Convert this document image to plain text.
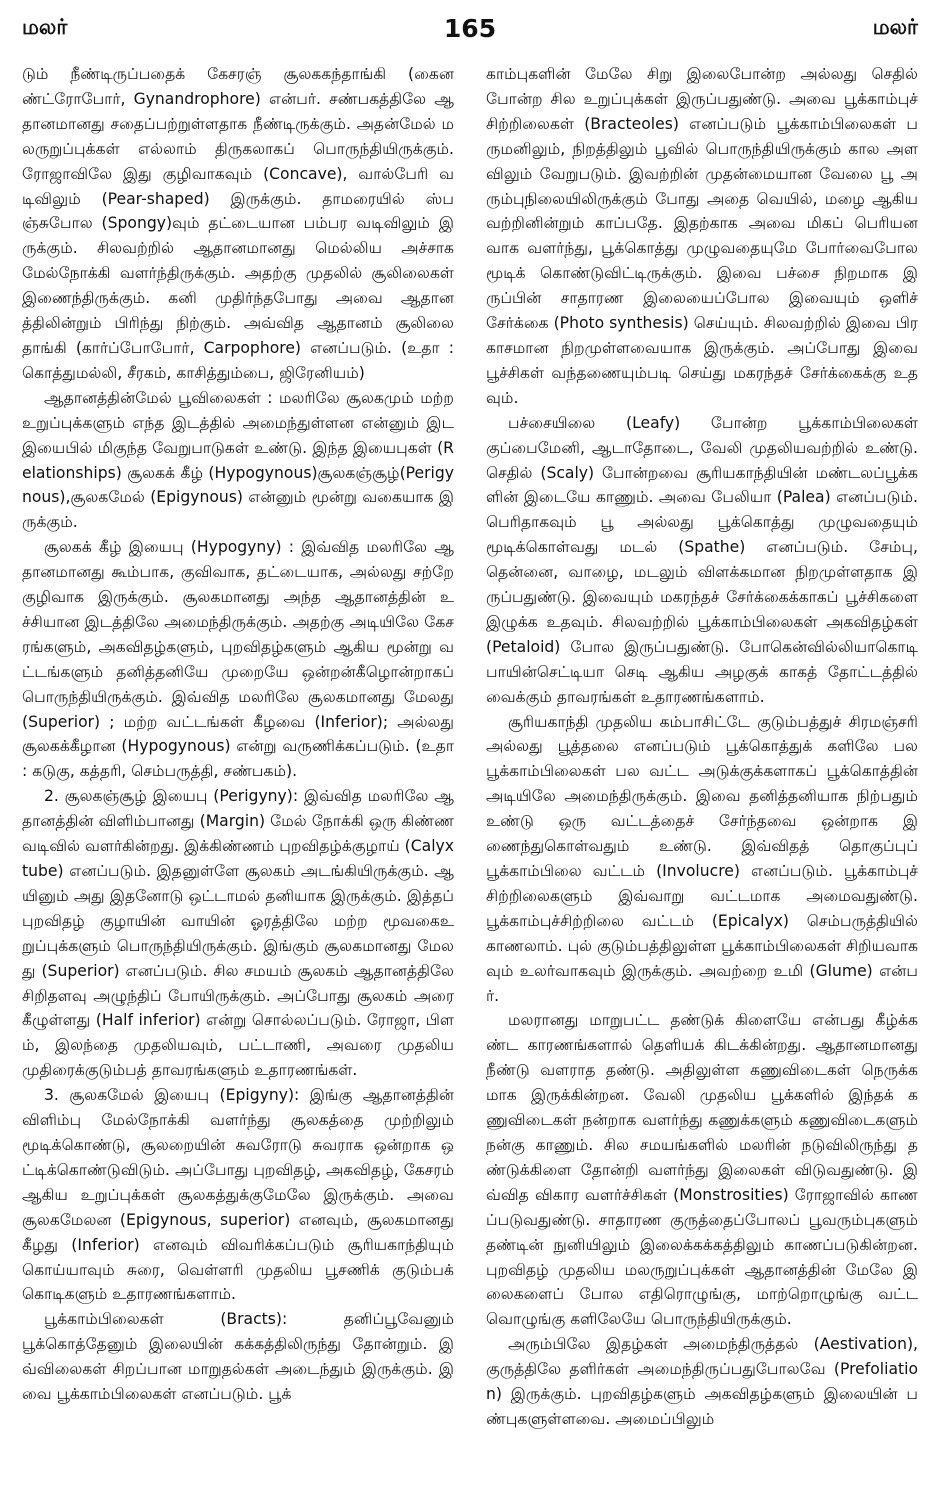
மலர்	165	மலர்

டும் நீண்டிருப்பதைக் கேசரஞ் சூலககந்தாங்கி (கைனண்ட்ரோபோர், Gynandrophore) என்பர். சண்பகத்திலே ஆதானமானது சதைப்பற்றுள்ளதாக நீண்டிருக்கும். அதன்மேல் மலருறுப்புக்கள் எல்லாம் திருகலாகப் பொருந்தியிருக்கும். ரோஜாவிலே இது குழிவாகவும் (Concave), வால்பேரி வடிவிலும் (Pear-shaped) இருக்கும். தாமரையில் ஸ்பஞ்சுபோல (Spongy)வும் தட்டையான பம்பர வடிவிலும் இருக்கும். சிலவற்றில் ஆதானமானது மெல்லிய அச்சாக மேல்நோக்கி வளர்ந்திருக்கும். அதற்கு முதலில் சூலிலைகள் இணைந்திருக்கும். கனி முதிர்ந்தபோது அவை ஆதானத்திலின்றும் பிரிந்து நிற்கும். அவ்வித ஆதானம் சூலிலை தாங்கி (கார்ப்போபோர், Carpophore) எனப்படும். (உதா : கொத்துமல்லி, சீரகம், காசித்தும்பை, ஜிரேனியம்)

ஆதானத்தின்மேல் பூவிலைகள் : மலரிலே சூலகமும் மற்ற உறுப்புக்களும் எந்த இடத்தில் அமைந்துள்ளன என்னும் இட இயைபில் மிகுந்த வேறுபாடுகள் உண்டு. இந்த இயைபுகள் (Relationships) சூலகக் கீழ் (Hypogynous)சூலகஞ்சூழ்(Perigynous),சூலகமேல் (Epigynous) என்னும் மூன்று வகையாக இருக்கும்.

சூலகக் கீழ் இயைபு (Hypogyny) : இவ்வித மலரிலே ஆதானமானது கூம்பாக, குவிவாக, தட்டையாக, அல்லது சற்றே குழிவாக இருக்கும். சூலகமானது அந்த ஆதானத்தின் உச்சியான இடத்திலே அமைந்திருக்கும். அதற்கு அடியிலே கேசரங்களும், அகவிதழ்களும், புறவிதழ்களும் ஆகிய மூன்று வட்டங்களும் தனித்தனியே முறையே ஒன்றன்கீழொன்றாகப் பொருந்தியிருக்கும். இவ்வித மலரிலே சூலகமானது மேலது (Superior) ; மற்ற வட்டங்கள் கீழவை (Inferior); அல்லது சூலகக்கீழான (Hypogynous) என்று வருணிக்கப்படும். (உதா : கடுகு, கத்தரி, செம்பருத்தி, சண்பகம்).

2. சூலகஞ்சூழ் இயைபு (Perigyny): இவ்வித மலரிலே ஆதானத்தின் விளிம்பானது (Margin) மேல் நோக்கி ஒரு கிண்ண வடிவில் வளர்கின்றது. இக்கிண்ணம் புறவிதழ்க்குழாய் (Calyx tube) எனப்படும். இதனுள்ளே சூலகம் அடங்கியிருக்கும். ஆயினும் அது இதனோடு ஒட்டாமல் தனியாக இருக்கும். இத்தப் புறவிதழ் குழாயின் வாயின் ஓரத்திலே மற்ற மூவகைஉறுப்புக்களும் பொருந்தியிருக்கும். இங்கும் சூலகமானது மேலது (Superior) எனப்படும். சில சமயம் சூலகம் ஆதானத்திலே சிறிதளவு அழுந்திப் போயிருக்கும். அப்போது சூலகம் அரை கீழுள்ளது (Half inferior) என்று சொல்லப்படும். ரோஜா, பிளம், இலந்தை முதலியவும், பட்டாணி, அவரை முதலிய முதிரைக்குடும்பத் தாவரங்களும் உதாரணங்கள்.

3. சூலகமேல் இயைபு (Epigyny): இங்கு ஆதானத்தின் விளிம்பு மேல்நோக்கி வளர்ந்து சூலகத்தை முற்றிலும் மூடிக்கொண்டு, சூலறையின் சுவரோடு சுவராக ஒன்றாக ஒட்டிக்கொண்டுவிடும். அப்போது புறவிதழ், அகவிதழ், கேசரம் ஆகிய உறுப்புக்கள் சூலகத்துக்குமேலே இருக்கும். அவை சூலகமேலன (Epigynous, superior) எனவும், சூலகமானது கீழது (Inferior) எனவும் விவரிக்கப்படும் சூரியகாந்தியும் கொய்யாவும் சுரை, வெள்ளரி முதலிய பூசணிக் குடும்பக் கொடிகளும் உதாரணங்களாம்.

பூக்காம்பிலைகள் (Bracts): தனிப்பூவேனும் பூக்கொத்தேனும் இலையின் கக்கத்திலிருந்து தோன்றும். இவ்விலைகள் சிறப்பான மாறுதல்கள் அடைந்தும் இருக்கும். இவை பூக்காம்பிலைகள் எனப்படும். பூக்

காம்புகளின் மேலே சிறு இலைபோன்ற அல்லது செதில் போன்ற சில உறுப்புக்கள் இருப்பதுண்டு. அவை பூக்காம்புச் சிற்றிலைகள் (Bracteoles) எனப்படும் பூக்காம்பிலைகள் பருமனிலும், நிறத்திலும் பூவில் பொருந்தியிருக்கும் கால அளவிலும் வேறுபடும். இவற்றின் முதன்மையான வேலை பூ அரும்புநிலையிலிருக்கும் போது அதை வெயில், மழை ஆகியவற்றினின்றும் காப்பதே. இதற்காக அவை மிகப் பெரியனவாக வளர்ந்து, பூக்கொத்து முழுவதையுமே போர்வைபோல மூடிக் கொண்டுவிட்டிருக்கும். இவை பச்சை நிறமாக இருப்பின் சாதாரண இலையைப்போல இவையும் ஒளிச் சேர்க்கை (Photo synthesis) செய்யும். சிலவற்றில் இவை பிரகாசமான நிறமுள்ளவையாக இருக்கும். அப்போது இவை பூச்சிகள் வந்தணையும்படி செய்து மகரந்தச் சேர்க்கைக்கு உதவும்.

பச்சையிலை (Leafy) போன்ற பூக்காம்பிலைகள் குப்பைமேனி, ஆடாதோடை, வேலி முதலியவற்றில் உண்டு. செதில் (Scaly) போன்றவை சூரியகாந்தியின் மண்டலப்பூக்களின் இடையே காணும். அவை பேலியா (Palea) எனப்படும். பெரிதாகவும் பூ அல்லது பூக்கொத்து முழுவதையும் மூடிக்கொள்வது மடல் (Spathe) எனப்படும். சேம்பு, தென்னை, வாழை, மடலும் விளக்கமான நிறமுள்ளதாக இருப்பதுண்டு. இவையும் மகரந்தச் சேர்க்கைக்காகப் பூச்சிகளை இழுக்க உதவும். சிலவற்றில் பூக்காம்பிலைகள் அகவிதழ்கள் (Petaloid) போல இருப்பதுண்டு. போகென்வில்லியாகொடி பாயின்செட்டியா செடி ஆகிய அழகுக் காகத் தோட்டத்தில் வைக்கும் தாவரங்கள் உதாரணங்களாம்.

சூரியகாந்தி முதலிய கம்பாசிட்டே குடும்பத்துச் சிரமஞ்சரி அல்லது பூத்தலை எனப்படும் பூக்கொத்துக் களிலே பல பூக்காம்பிலைகள் பல வட்ட அடுக்குக்களாகப் பூக்கொத்தின் அடியிலே அமைந்திருக்கும். இவை தனித்தனியாக நிற்பதும் உண்டு ஒரு வட்டத்தைச் சேர்ந்தவை ஒன்றாக இணைந்துகொள்வதும் உண்டு. இவ்விதத் தொகுப்புப் பூக்காம்பிலை வட்டம் (Involucre) எனப்படும். பூக்காம்புச் சிற்றிலைகளும் இவ்வாறு வட்டமாக அமைவதுண்டு. பூக்காம்புச்சிற்றிலை வட்டம் (Epicalyx) செம்பருத்தியில் காணலாம். புல் குடும்பத்திலுள்ள பூக்காம்பிலைகள் சிறியவாகவும் உலர்வாகவும் இருக்கும். அவற்றை உமி (Glume) என்பர்.

மலரானது மாறுபட்ட தண்டுக் கிளையே என்பது கீழ்க்கண்ட காரணங்களால் தெளியக் கிடக்கின்றது. ஆதானமானது நீண்டு வளராத தண்டு. அதிலுள்ள கணுவிடைகள் நெருக்கமாக இருக்கின்றன. வேலி முதலிய பூக்களில் இந்தக் கணுவிடைகள் நன்றாக வளர்ந்து கணுக்களும் கணுவிடைகளும் நன்கு காணும். சில சமயங்களில் மலரின் நடுவிலிருந்து தண்டுக்கிளை தோன்றி வளர்ந்து இலைகள் விடுவதுண்டு. இவ்வித விகார வளர்ச்சிகள் (Monstrosities) ரோஜாவில் காணப்படுவதுண்டு. சாதாரண குருத்தைப்போலப் பூவரும்புகளும் தண்டின் நுனியிலும் இலைக்கக்கத்திலும் காணப்படுகின்றன. புறவிதழ் முதலிய மலருறுப்புக்கள் ஆதானத்தின் மேலே இலைகளைப் போல எதிரொழுங்கு, மாற்றொழுங்கு வட்டவொழுங்கு களிலேயே பொருந்தியிருக்கும்.

அரும்பிலே இதழ்கள் அமைந்திருத்தல் (Aestivation), குருத்திலே தளிர்கள் அமைந்திருப்பதுபோலவே (Prefoliation) இருக்கும். புறவிதழ்களும் அகவிதழ்களும் இலையின் பண்புகளுள்ளவை. அமைப்பிலும்
